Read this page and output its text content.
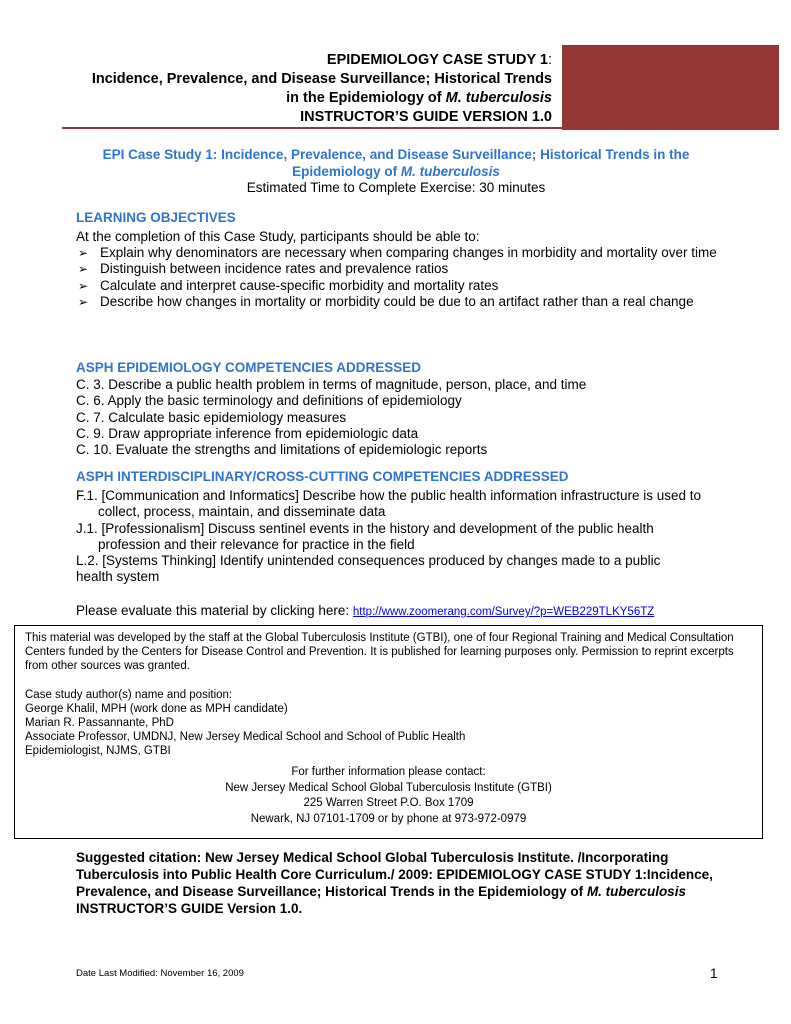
EPIDEMIOLOGY CASE STUDY 1:
Incidence, Prevalence, and Disease Surveillance; Historical Trends
in the Epidemiology of M. tuberculosis
INSTRUCTOR’S GUIDE VERSION 1.0
EPI Case Study 1: Incidence, Prevalence, and Disease Surveillance; Historical Trends in the
Epidemiology of M. tuberculosis
Estimated Time to Complete Exercise: 30 minutes
LEARNING OBJECTIVES
At the completion of this Case Study, participants should be able to:
➢ Explain why denominators are necessary when comparing changes in morbidity and mortality over time
➢ Distinguish between incidence rates and prevalence ratios
➢ Calculate and interpret cause-specific morbidity and mortality rates
➢ Describe how changes in mortality or morbidity could be due to an artifact rather than a real change
ASPH EPIDEMIOLOGY COMPETENCIES ADDRESSED
C. 3. Describe a public health problem in terms of magnitude, person, place, and time
C. 6. Apply the basic terminology and definitions of epidemiology
C. 7. Calculate basic epidemiology measures
C. 9. Draw appropriate inference from epidemiologic data
C. 10. Evaluate the strengths and limitations of epidemiologic reports
ASPH INTERDISCIPLINARY/CROSS-CUTTING COMPETENCIES ADDRESSED
F.1. [Communication and Informatics] Describe how the public health information infrastructure is used to collect, process, maintain, and disseminate data
J.1. [Professionalism] Discuss sentinel events in the history and development of the public health profession and their relevance for practice in the field
L.2. [Systems Thinking] Identify unintended consequences produced by changes made to a public health system
Please evaluate this material by clicking here: http://www.zoomerang.com/Survey/?p=WEB229TLKY56TZ
This material was developed by the staff at the Global Tuberculosis Institute (GTBI), one of four Regional Training and Medical Consultation Centers funded by the Centers for Disease Control and Prevention. It is published for learning purposes only. Permission to reprint excerpts from other sources was granted.
Case study author(s) name and position:
George Khalil, MPH (work done as MPH candidate)
Marian R. Passannante, PhD
Associate Professor, UMDNJ, New Jersey Medical School and School of Public Health
Epidemiologist, NJMS, GTBI
For further information please contact:
New Jersey Medical School Global Tuberculosis Institute (GTBI)
225 Warren Street P.O. Box 1709
Newark, NJ 07101-1709 or by phone at 973-972-0979
Suggested citation: New Jersey Medical School Global Tuberculosis Institute. /Incorporating Tuberculosis into Public Health Core Curriculum./ 2009: EPIDEMIOLOGY CASE STUDY 1:Incidence, Prevalence, and Disease Surveillance; Historical Trends in the Epidemiology of M. tuberculosis INSTRUCTOR’S GUIDE Version 1.0.
Date Last Modified: November 16, 2009	1
